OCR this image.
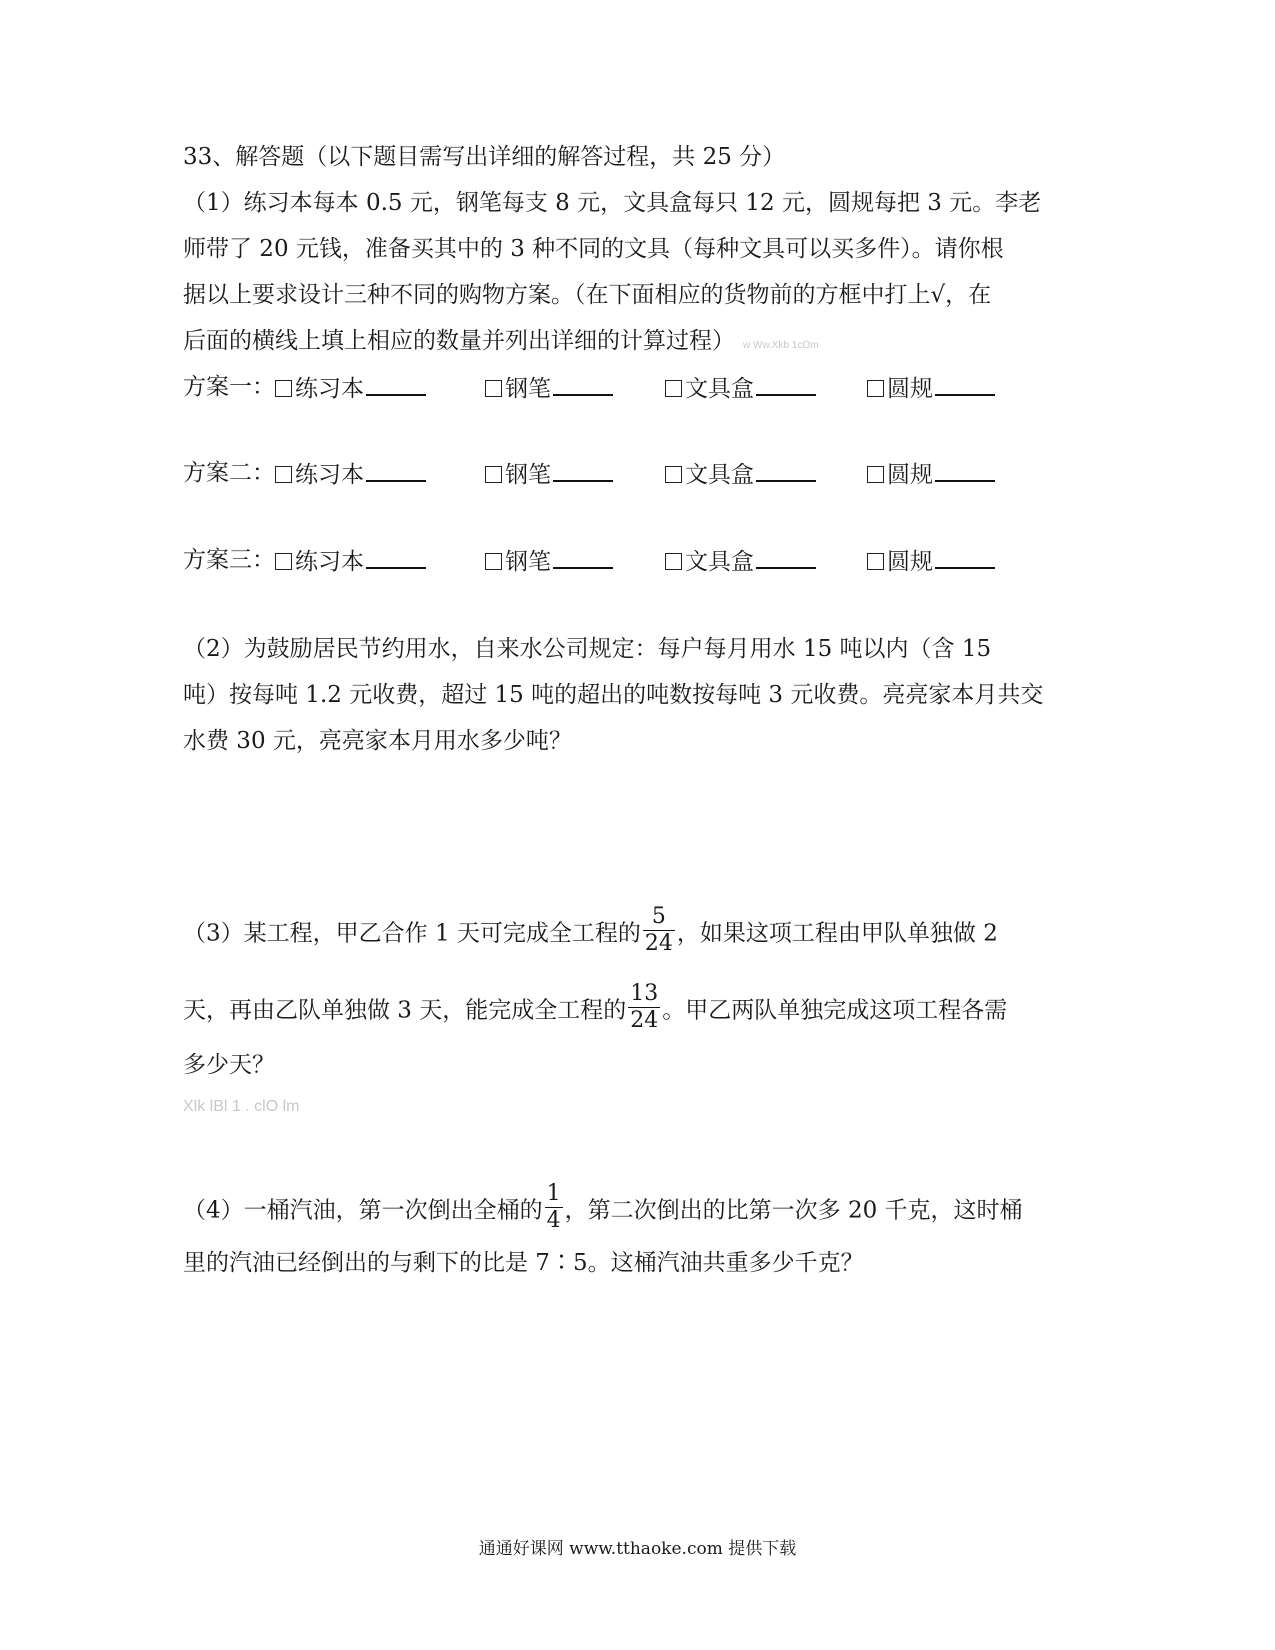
33、解答题（以下题目需写出详细的解答过程，共 25 分）
（1）练习本每本 0.5 元，钢笔每支 8 元，文具盒每只 12 元，圆规每把 3 元。李老
师带了 20 元钱，准备买其中的 3 种不同的文具（每种文具可以买多件）。请你根
据以上要求设计三种不同的购物方案。（在下面相应的货物前的方框中打上√，在
后面的横线上填上相应的数量并列出详细的计算过程） w Ww.Xkb 1cOm
方案一： 练习本	钢笔	文具盒	圆规
方案二： 练习本	钢笔	文具盒	圆规
方案三： 练习本	钢笔	文具盒	圆规
（2）为鼓励居民节约用水，自来水公司规定：每户每月用水 15 吨以内（含 15
吨）按每吨 1.2 元收费，超过 15 吨的超出的吨数按每吨 3 元收费。亮亮家本月共交
水费 30 元，亮亮家本月用水多少吨？
（3）某工程，甲乙合作 1 天可完成全工程的 $\frac{5}{24}$ ，如果这项工程由甲队单独做 2
天，再由乙队单独做 3 天，能完成全工程的 $\frac{13}{24}$ 。甲乙两队单独完成这项工程各需
多少天？
Xlk lBl 1 . clO lm
（4）一桶汽油，第一次倒出全桶的 $\frac{1}{4}$ ，第二次倒出的比第一次多 20 千克，这时桶
里的汽油已经倒出的与剩下的比是 7∶5。这桶汽油共重多少千克？
通通好课网 www.tthaoke.com 提供下载
